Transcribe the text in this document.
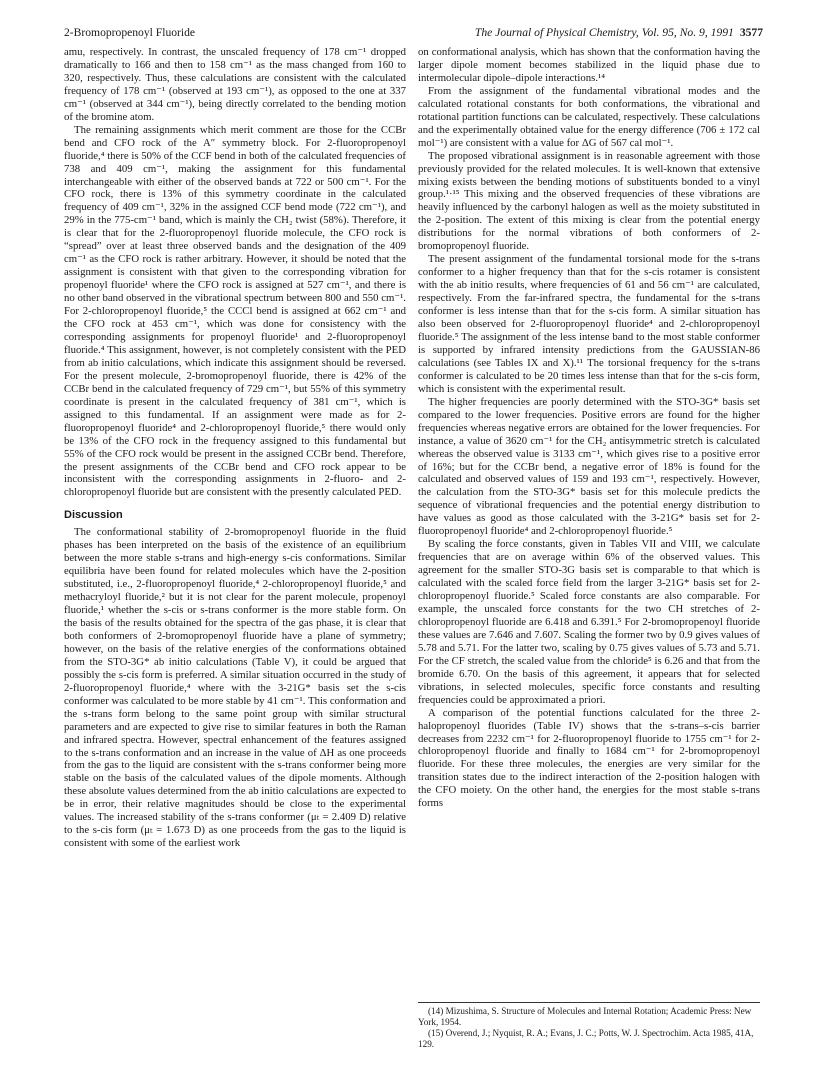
2-Bromopropenoyl Fluoride	The Journal of Physical Chemistry, Vol. 95, No. 9, 1991 3577

amu, respectively. In contrast, the unscaled frequency of 178 cm⁻¹ dropped dramatically to 166 and then to 158 cm⁻¹ as the mass changed from 160 to 320, respectively. Thus, these calculations are consistent with the calculated frequency of 178 cm⁻¹ (observed at 193 cm⁻¹), as opposed to the one at 337 cm⁻¹ (observed at 344 cm⁻¹), being directly correlated to the bending motion of the bromine atom.

The remaining assignments which merit comment are those for the CCBr bend and CFO rock of the A″ symmetry block. For 2-fluoropropenoyl fluoride,⁴ there is 50% of the CCF bend in both of the calculated frequencies of 738 and 409 cm⁻¹, making the assignment for this fundamental interchangeable with either of the observed bands at 722 or 500 cm⁻¹. For the CFO rock, there is 13% of this symmetry coordinate in the calculated frequency of 409 cm⁻¹, 32% in the assigned CCF bend mode (722 cm⁻¹), and 29% in the 775-cm⁻¹ band, which is mainly the CH₂ twist (58%). Therefore, it is clear that for the 2-fluoropropenoyl fluoride molecule, the CFO rock is “spread” over at least three observed bands and the designation of the 409 cm⁻¹ as the CFO rock is rather arbitrary. However, it should be noted that the assignment is consistent with that given to the corresponding vibration for propenoyl fluoride¹ where the CFO rock is assigned at 527 cm⁻¹, and there is no other band observed in the vibrational spectrum between 800 and 550 cm⁻¹. For 2-chloropropenoyl fluoride,⁵ the CCCl bend is assigned at 662 cm⁻¹ and the CFO rock at 453 cm⁻¹, which was done for consistency with the corresponding assignments for propenoyl fluoride¹ and 2-fluoropropenoyl fluoride.⁴ This assignment, however, is not completely consistent with the PED from ab initio calculations, which indicate this assignment should be reversed. For the present molecule, 2-bromopropenoyl fluoride, there is 42% of the CCBr bend in the calculated frequency of 729 cm⁻¹, but 55% of this symmetry coordinate is present in the calculated frequency of 381 cm⁻¹, which is assigned to this fundamental. If an assignment were made as for 2-fluoropropenoyl fluoride⁴ and 2-chloropropenoyl fluoride,⁵ there would only be 13% of the CFO rock in the frequency assigned to this fundamental but 55% of the CFO rock would be present in the assigned CCBr bend. Therefore, the present assignments of the CCBr bend and CFO rock appear to be inconsistent with the corresponding assignments in 2-fluoro- and 2-chloropropenoyl fluoride but are consistent with the presently calculated PED.

Discussion

The conformational stability of 2-bromopropenoyl fluoride in the fluid phases has been interpreted on the basis of the existence of an equilibrium between the more stable s-trans and high-energy s-cis conformations. Similar equilibria have been found for related molecules which have the 2-position substituted, i.e., 2-fluoropropenoyl fluoride,⁴ 2-chloropropenoyl fluoride,⁵ and methacryloyl fluoride,² but it is not clear for the parent molecule, propenoyl fluoride,¹ whether the s-cis or s-trans conformer is the more stable form. On the basis of the results obtained for the spectra of the gas phase, it is clear that both conformers of 2-bromopropenoyl fluoride have a plane of symmetry; however, on the basis of the relative energies of the conformations obtained from the STO-3G* ab initio calculations (Table V), it could be argued that possibly the s-cis form is preferred. A similar situation occurred in the study of 2-fluoropropenoyl fluoride,⁴ where with the 3-21G* basis set the s-cis conformer was calculated to be more stable by 41 cm⁻¹. This conformation and the s-trans form belong to the same point group with similar structural parameters and are expected to give rise to similar features in both the Raman and infrared spectra. However, spectral enhancement of the features assigned to the s-trans conformation and an increase in the value of ΔH as one proceeds from the gas to the liquid are consistent with the s-trans conformer being more stable on the basis of the calculated values of the dipole moments. Although these absolute values determined from the ab initio calculations are expected to be in error, their relative magnitudes should be close to the experimental values. The increased stability of the s-trans conformer (μₜ = 2.409 D) relative to the s-cis form (μₜ = 1.673 D) as one proceeds from the gas to the liquid is consistent with some of the earliest work

on conformational analysis, which has shown that the conformation having the larger dipole moment becomes stabilized in the liquid phase due to intermolecular dipole–dipole interactions.¹⁴

From the assignment of the fundamental vibrational modes and the calculated rotational constants for both conformations, the vibrational and rotational partition functions can be calculated, respectively. These calculations and the experimentally obtained value for the energy difference (706 ± 172 cal mol⁻¹) are consistent with a value for ΔG of 567 cal mol⁻¹.

The proposed vibrational assignment is in reasonable agreement with those previously provided for the related molecules. It is well-known that extensive mixing exists between the bending motions of substituents bonded to a vinyl group.¹·¹⁵ This mixing and the observed frequencies of these vibrations are heavily influenced by the carbonyl halogen as well as the moiety substituted in the 2-position. The extent of this mixing is clear from the potential energy distributions for the normal vibrations of both conformers of 2-bromopropenoyl fluoride.

The present assignment of the fundamental torsional mode for the s-trans conformer to a higher frequency than that for the s-cis rotamer is consistent with the ab initio results, where frequencies of 61 and 56 cm⁻¹ are calculated, respectively. From the far-infrared spectra, the fundamental for the s-trans conformer is less intense than that for the s-cis form. A similar situation has also been observed for 2-fluoropropenoyl fluoride⁴ and 2-chloropropenoyl fluoride.⁵ The assignment of the less intense band to the most stable conformer is supported by infrared intensity predictions from the GAUSSIAN-86 calculations (see Tables IX and X).¹¹ The torsional frequency for the s-trans conformer is calculated to be 20 times less intense than that for the s-cis form, which is consistent with the experimental result.

The higher frequencies are poorly determined with the STO-3G* basis set compared to the lower frequencies. Positive errors are found for the higher frequencies whereas negative errors are obtained for the lower frequencies. For instance, a value of 3620 cm⁻¹ for the CH₂ antisymmetric stretch is calculated whereas the observed value is 3133 cm⁻¹, which gives rise to a positive error of 16%; but for the CCBr bend, a negative error of 18% is found for the calculated and observed values of 159 and 193 cm⁻¹, respectively. However, the calculation from the STO-3G* basis set for this molecule predicts the sequence of vibrational frequencies and the potential energy distribution to have values as good as those calculated with the 3-21G* basis set for 2-fluoropropenoyl fluoride⁴ and 2-chloropropenoyl fluoride.⁵

By scaling the force constants, given in Tables VII and VIII, we calculate frequencies that are on average within 6% of the observed values. This agreement for the smaller STO-3G basis set is comparable to that which is calculated with the scaled force field from the larger 3-21G* basis set for 2-chloropropenoyl fluoride.⁵ Scaled force constants are also comparable. For example, the unscaled force constants for the two CH stretches of 2-chloropropenoyl fluoride are 6.418 and 6.391.⁵ For 2-bromopropenoyl fluoride these values are 7.646 and 7.607. Scaling the former two by 0.9 gives values of 5.78 and 5.71. For the latter two, scaling by 0.75 gives values of 5.73 and 5.71. For the CF stretch, the scaled value from the chloride⁵ is 6.26 and that from the bromide 6.70. On the basis of this agreement, it appears that for selected vibrations, in selected molecules, specific force constants and resulting frequencies could be approximated a priori.

A comparison of the potential functions calculated for the three 2-halopropenoyl fluorides (Table IV) shows that the s-trans–s-cis barrier decreases from 2232 cm⁻¹ for 2-fluoropropenoyl fluoride to 1755 cm⁻¹ for 2-chloropropenoyl fluoride and finally to 1684 cm⁻¹ for 2-bromopropenoyl fluoride. For these three molecules, the energies are very similar for the transition states due to the indirect interaction of the 2-position halogen with the CFO moiety. On the other hand, the energies for the most stable s-trans forms

(14) Mizushima, S. Structure of Molecules and Internal Rotation; Academic Press: New York, 1954.

(15) Overend, J.; Nyquist, R. A.; Evans, J. C.; Potts, W. J. Spectrochim. Acta 1985, 41A, 129.
